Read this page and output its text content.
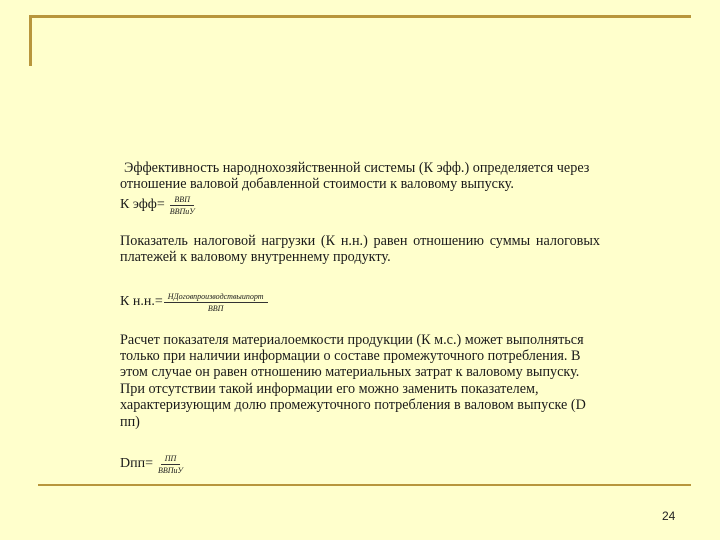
Эффективность народнохозяйственной системы (К эфф.) определяется через отношение валовой добавленной стоимости к валовому выпуску.

К $эфф= \frac{\text{ВВП}}{\text{ВВПиУ}}$

Показатель налоговой нагрузки (К н.н.) равен отношению суммы налоговых платежей к валовому внутреннему продукту.

К $н.н.= \frac{\text{НДоговпроизводствыипорт}}{\text{ВВП}}$

Расчет показателя материалоемкости продукции (К м.с.) может выполняться только при наличии информации о составе промежуточного потребления. В этом случае он равен отношению материальных затрат к валовому выпуску. При отсутствии такой информации его можно заменить показателем, характеризующим долю промежуточного потребления в валовом выпуске (D пп)

$Dпп= \frac{ПП}{\text{ВВПиУ}}$
24
